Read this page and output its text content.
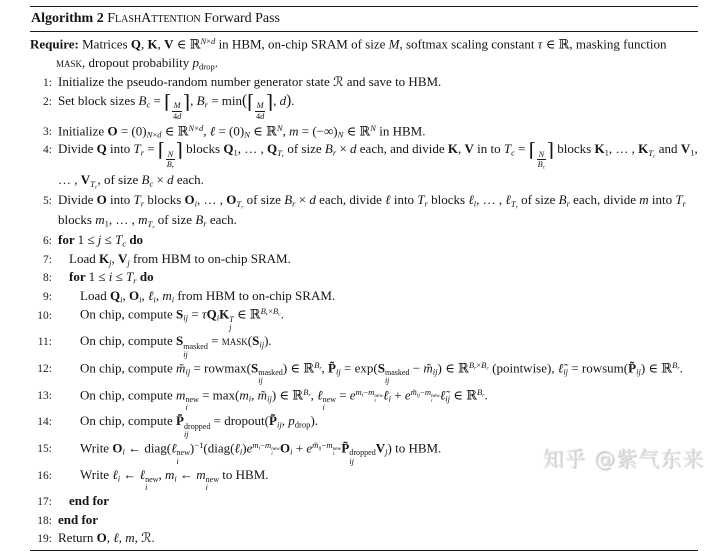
Algorithm 2 FlashAttention Forward Pass
Require: Matrices Q, K, V ∈ ℝ$^{N\times d}$ in HBM, on-chip SRAM of size M, softmax scaling constant τ ∈ ℝ, masking function mask, dropout probability pdrop.
1: Initialize the pseudo-random number generator state ℛ and save to HBM.
2: Set block sizes Bc = ⌈ $\frac{M}{4d}$ ⌉, Br = min(⌈ $\frac{M}{4d}$ ⌉, d).
3: Initialize O = (0)N×d ∈ ℝ$^{N\times d}$, ℓ = (0)N ∈ ℝ$^N$, m = (−∞)N ∈ ℝ$^N$ in HBM.
4: Divide Q into Tr = ⌈ $\frac{N}{Br}$ ⌉ blocks Q1, … , QTr of size Br × d each, and divide K, V in to Tc = ⌈ $\frac{N}{Bc}$ ⌉ blocks K1, … , KTc and V1, … , VTc, of size Bc × d each.
5: Divide O into Tr blocks Oi, … , OTr of size Br × d each, divide ℓ into Tr blocks ℓi, … , ℓTr of size Br each, divide m into Tr blocks m1, … , mTr of size Br each.
6: for 1 ≤ j ≤ Tc do
7:	Load Kj, Vj from HBM to on-chip SRAM.
8:	for 1 ≤ i ≤ Tr do
9:	Load Qi, Oi, ℓi, mi from HBM to on-chip SRAM.
10:	On chip, compute Sij = τQiK T
j
∈ ℝ$^{Br\times Bc}$.
11:	On chip, compute S masked
ij
= mask(Sij).
12:	On chip, compute m̃ij = rowmax(S masked
ij
) ∈ ℝ$^{Br}$, P̃ij = exp(S masked
ij
− m̃ij) ∈ ℝ$^{Br\times Bc}$ (pointwise), ℓ̃ij = rowsum(P̃ij) ∈ ℝ$^{Br}$.
13:	On chip, compute m new
i
= max(mi, m̃ij) ∈ ℝ$^{Br}$, ℓ new
i
= $e^{mi-m new i}$ ℓi + $e^{m̃ij-m new i}$ ℓ̃ij ∈ ℝ$^{Br}$.
14:	On chip, compute P̃ dropped
ij
= dropout(P̃ij, pdrop).
15:	Write Oi ← diag(ℓ new
i
)$^{-1}(diag(\ell i)e^{mi-m new i}$ $Oi + e^{m̃ij-m new i}$ P̃ dropped
ij
Vj) to HBM.
16:	Write ℓi ← ℓ new
i
, mi ← m new
i
to HBM.
17:	end for
18: end for
19: Return O, ℓ, m, ℛ.
知乎 @紫气东来
